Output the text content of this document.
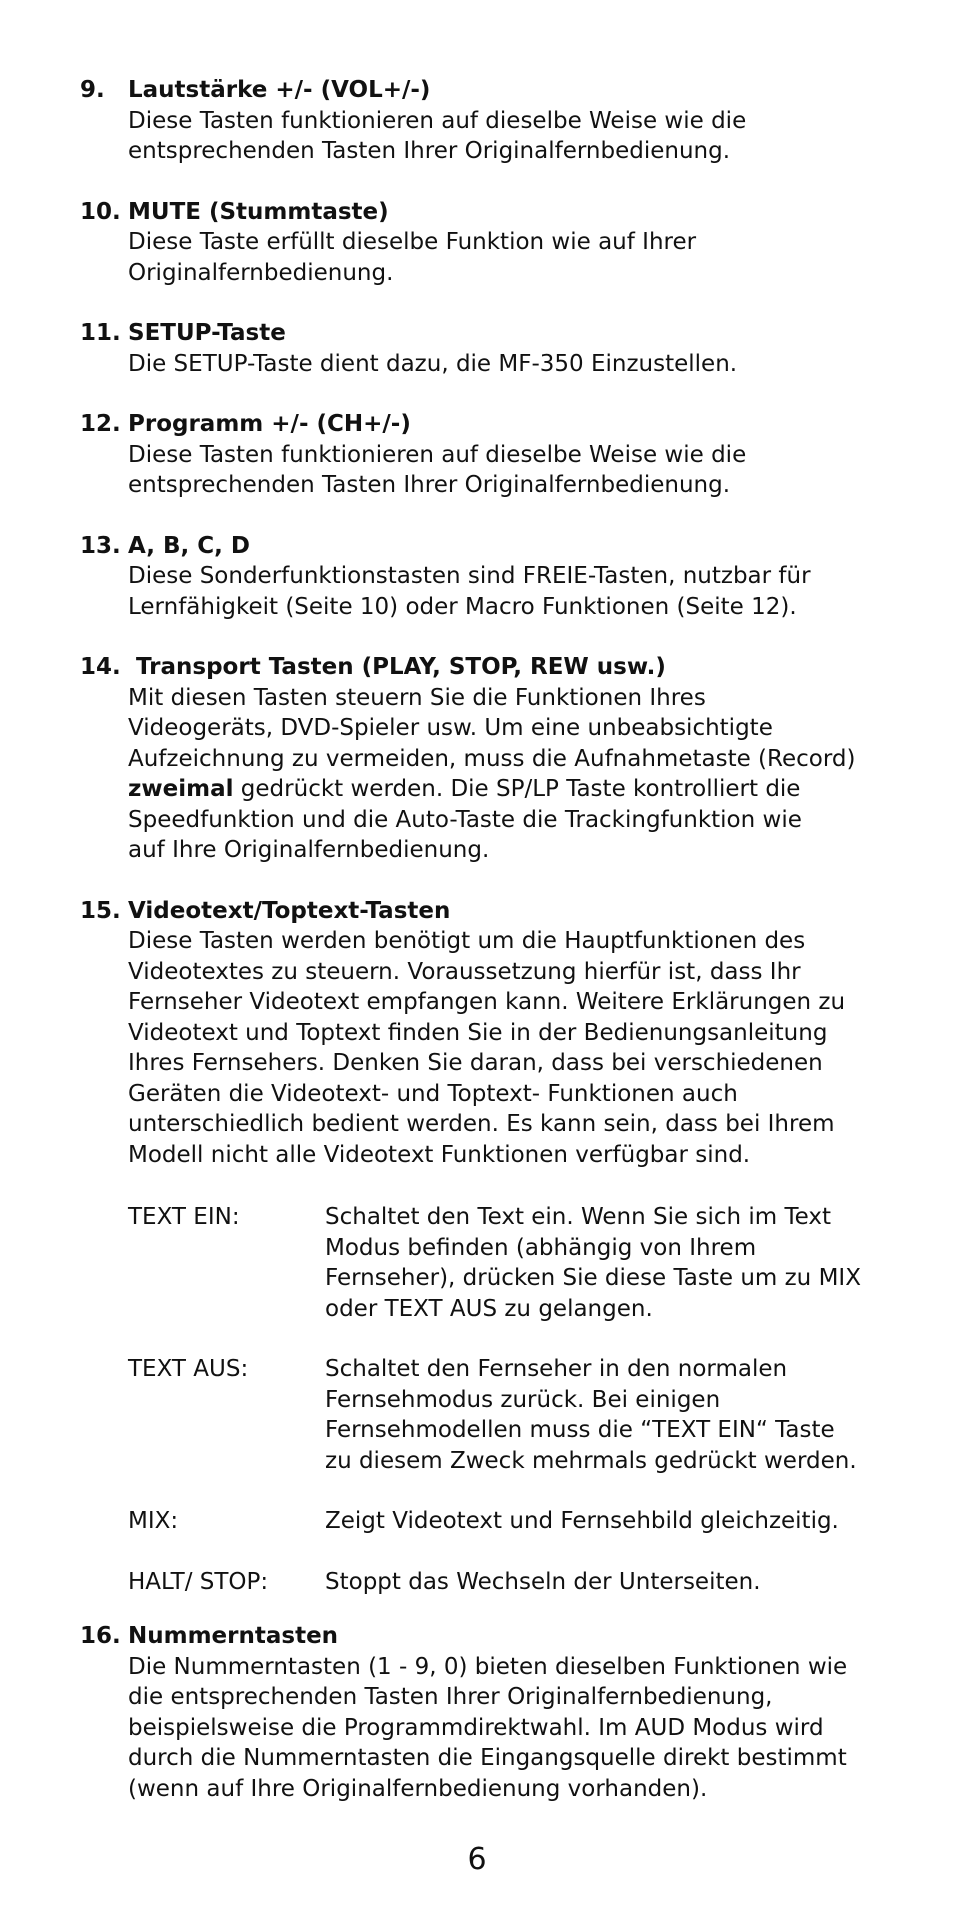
9.	Lautstärke +/- (VOL+/-)
Diese Tasten funktionieren auf dieselbe Weise wie die
entsprechenden Tasten Ihrer Originalfernbedienung.
10. MUTE (Stummtaste)
Diese Taste erfüllt dieselbe Funktion wie auf Ihrer
Originalfernbedienung.
11. SETUP-Taste
Die SETUP-Taste dient dazu, die MF-350 Einzustellen.
12. Programm +/- (CH+/-)
Diese Tasten funktionieren auf dieselbe Weise wie die
entsprechenden Tasten Ihrer Originalfernbedienung.
13. A, B, C, D
Diese Sonderfunktionstasten sind FREIE-Tasten, nutzbar für
Lernfähigkeit (Seite 10) oder Macro Funktionen (Seite 12).
14. Transport Tasten (PLAY, STOP, REW usw.)
Mit diesen Tasten steuern Sie die Funktionen Ihres
Videogeräts, DVD-Spieler usw. Um eine unbeabsichtigte
Aufzeichnung zu vermeiden, muss die Aufnahmetaste (Record)
zweimal gedrückt werden. Die SP/LP Taste kontrolliert die
Speedfunktion und die Auto-Taste die Trackingfunktion wie
auf Ihre Originalfernbedienung.
15. Videotext/Toptext-Tasten
Diese Tasten werden benötigt um die Hauptfunktionen des
Videotextes zu steuern. Voraussetzung hierfür ist, dass Ihr
Fernseher Videotext empfangen kann. Weitere Erklärungen zu
Videotext und Toptext finden Sie in der Bedienungsanleitung
Ihres Fernsehers. Denken Sie daran, dass bei verschiedenen
Geräten die Videotext- und Toptext- Funktionen auch
unterschiedlich bedient werden. Es kann sein, dass bei Ihrem
Modell nicht alle Videotext Funktionen verfügbar sind.
TEXT EIN:	Schaltet den Text ein. Wenn Sie sich im Text
Modus befinden (abhängig von Ihrem
Fernseher), drücken Sie diese Taste um zu MIX
oder TEXT AUS zu gelangen.
TEXT AUS:	Schaltet den Fernseher in den normalen
Fernsehmodus zurück. Bei einigen
Fernsehmodellen muss die “TEXT EIN“ Taste
zu diesem Zweck mehrmals gedrückt werden.
MIX:	Zeigt Videotext und Fernsehbild gleichzeitig.
HALT/ STOP:	Stoppt das Wechseln der Unterseiten.
16. Nummerntasten
Die Nummerntasten (1 - 9, 0) bieten dieselben Funktionen wie
die entsprechenden Tasten Ihrer Originalfernbedienung,
beispielsweise die Programmdirektwahl. Im AUD Modus wird
durch die Nummerntasten die Eingangsquelle direkt bestimmt
(wenn auf Ihre Originalfernbedienung vorhanden).
6
